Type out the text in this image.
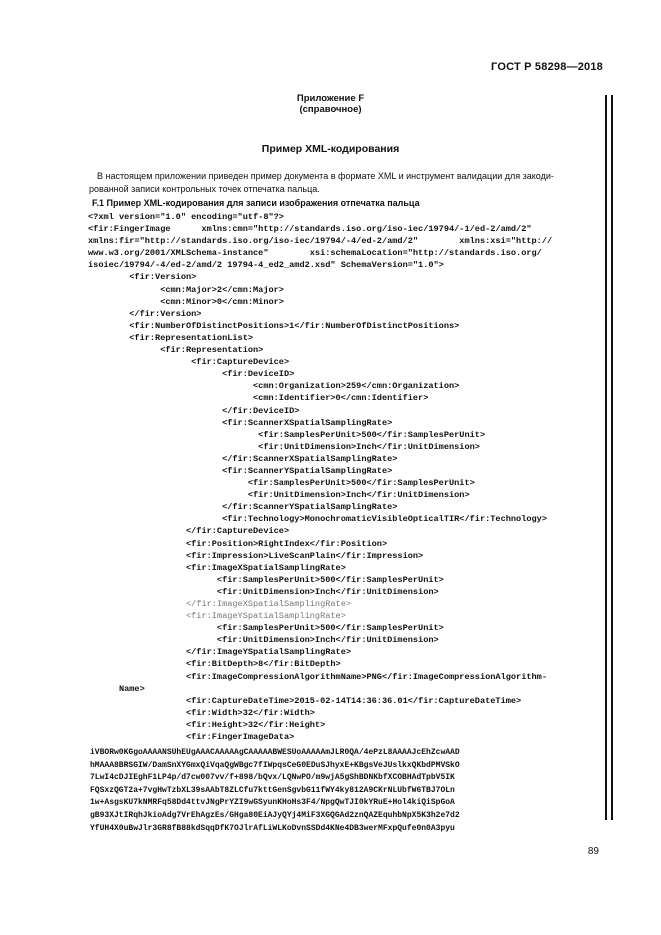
ГОСТ Р 58298—2018
Приложение F
(справочное)
Пример XML-кодирования
В настоящем приложении приведен пример документа в формате XML и инструмент валидации для закоди-
рованной записи контрольных точек отпечатка пальца.
F.1 Пример XML-кодирования для записи изображения отпечатка пальца
<?xml version="1.0" encoding="utf-8"?>
<fir:FingerImage      xmlns:cmn="http://standards.iso.org/iso-iec/19794/-1/ed-2/amd/2"
xmlns:fir="http://standards.iso.org/iso-iec/19794/-4/ed-2/amd/2"        xmlns:xsi="http://
www.w3.org/2001/XMLSchema-instance"        xsi:schemaLocation="http://standards.iso.org/
isoiec/19794/-4/ed-2/amd/2 19794-4_ed2_amd2.xsd" SchemaVersion="1.0">
<fir:Version>
<cmn:Major>2</cmn:Major>
<cmn:Minor>0</cmn:Minor>
</fir:Version>
<fir:NumberOfDistinctPositions>1</fir:NumberOfDistinctPositions>
<fir:RepresentationList>
<fir:Representation>
<fir:CaptureDevice>
<fir:DeviceID>
<cmn:Organization>259</cmn:Organization>
<cmn:Identifier>0</cmn:Identifier>
</fir:DeviceID>
<fir:ScannerXSpatialSamplingRate>
<fir:SamplesPerUnit>500</fir:SamplesPerUnit>
<fir:UnitDimension>Inch</fir:UnitDimension>
</fir:ScannerXSpatialSamplingRate>
<fir:ScannerYSpatialSamplingRate>
<fir:SamplesPerUnit>500</fir:SamplesPerUnit>
<fir:UnitDimension>Inch</fir:UnitDimension>
</fir:ScannerYSpatialSamplingRate>
<fir:Technology>MonochromaticVisibleOpticalTIR</fir:Technology>
</fir:CaptureDevice>
<fir:Position>RightIndex</fir:Position>
<fir:Impression>LiveScanPlain</fir:Impression>
<fir:ImageXSpatialSamplingRate>
<fir:SamplesPerUnit>500</fir:SamplesPerUnit>
<fir:UnitDimension>Inch</fir:UnitDimension>
</fir:ImageXSpatialSamplingRate>
<fir:ImageYSpatialSamplingRate>
<fir:SamplesPerUnit>500</fir:SamplesPerUnit>
<fir:UnitDimension>Inch</fir:UnitDimension>
</fir:ImageYSpatialSamplingRate>
<fir:BitDepth>8</fir:BitDepth>
<fir:ImageCompressionAlgorithmName>PNG</fir:ImageCompressionAlgorithm-
Name>
<fir:CaptureDateTime>2015-02-14T14:36:36.01</fir:CaptureDateTime>
<fir:Width>32</fir:Width>
<fir:Height>32</fir:Height>
<fir:FingerImageData>
iVBORw0KGgoAAAANSUhEUgAAACAAAAAgCAAAAABWESUoAAAAAmJLR0QA/4ePzL8AAAAJcEhZcwAAD
hMAAA8BRSGIW/DamSnXYGmxQiVqaQgWBgc7fIWpqsCeG0EDuSJhyxE+KBgsVeJUslkxQKbdPMVSkO
7LwI4cDJIEghF1LP4p/d7cw007vv/f+898/bQvx/LQNwPO/m9wjA5gShBDNKbfXCOBHAdTpbV5IK
FQSxzQGT2a+7vgHwTzbXL39sAAbT8ZLCfu7kttGenSgvbG11fWY4ky812A9CKrNLUbfW6TBJ7OLn
1w+AsgsKU7kNMRFq58Dd4ttvJNgPrYZI9wGSyunKHoHs3F4/NpgQwTJI0kYRuE+Hol4kiQiSpGoA
gB93XJtIRqhJkioAdg7VrEhAgzEs/GHga80EiAJyQYj4MiF3XGQGAd2znQAZEquhbNpX5K3h2e7d2
YfUH4X0uBwJlr3GR8fB88kdSqqDfK7OJlrAfLiWLKoDvnSSDd4KNe4DB3werMFxpQufe0n0A3pyu
89
